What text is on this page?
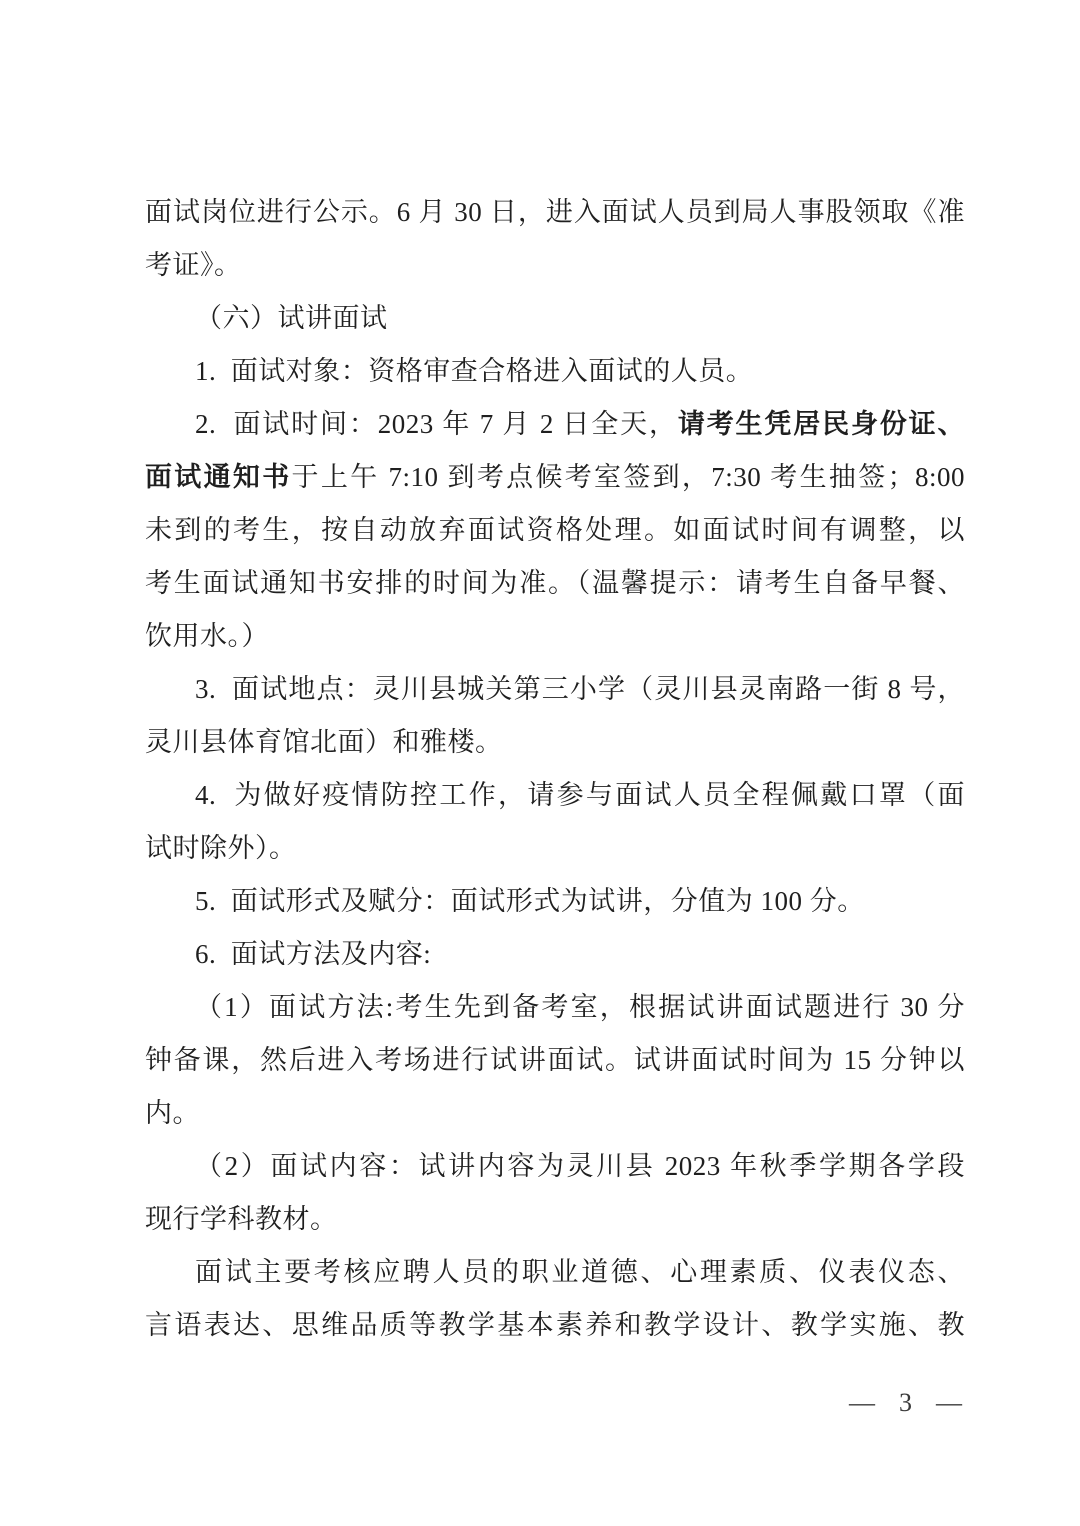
面试岗位进行公示。6 月 30 日，进入面试人员到局人事股领取《准
考证》。
（六）试讲面试
1.  面试对象：资格审查合格进入面试的人员。
2.  面试时间：2023 年 7 月 2 日全天，请考生凭居民身份证、
面试通知书于上午 7:10 到考点候考室签到，7:30 考生抽签；8:00
未到的考生，按自动放弃面试资格处理。如面试时间有调整，以
考生面试通知书安排的时间为准。（温馨提示：请考生自备早餐、
饮用水。）
3.  面试地点：灵川县城关第三小学（灵川县灵南路一街 8 号，
灵川县体育馆北面）和雅楼。
4.  为做好疫情防控工作，请参与面试人员全程佩戴口罩（面
试时除外）。
5.  面试形式及赋分：面试形式为试讲，分值为 100 分。
6.  面试方法及内容:
（1）面试方法:考生先到备考室，根据试讲面试题进行 30 分
钟备课，然后进入考场进行试讲面试。试讲面试时间为 15 分钟以
内。
（2）面试内容：试讲内容为灵川县 2023 年秋季学期各学段
现行学科教材。
面试主要考核应聘人员的职业道德、心理素质、仪表仪态、
言语表达、思维品质等教学基本素养和教学设计、教学实施、教
— 3 —
